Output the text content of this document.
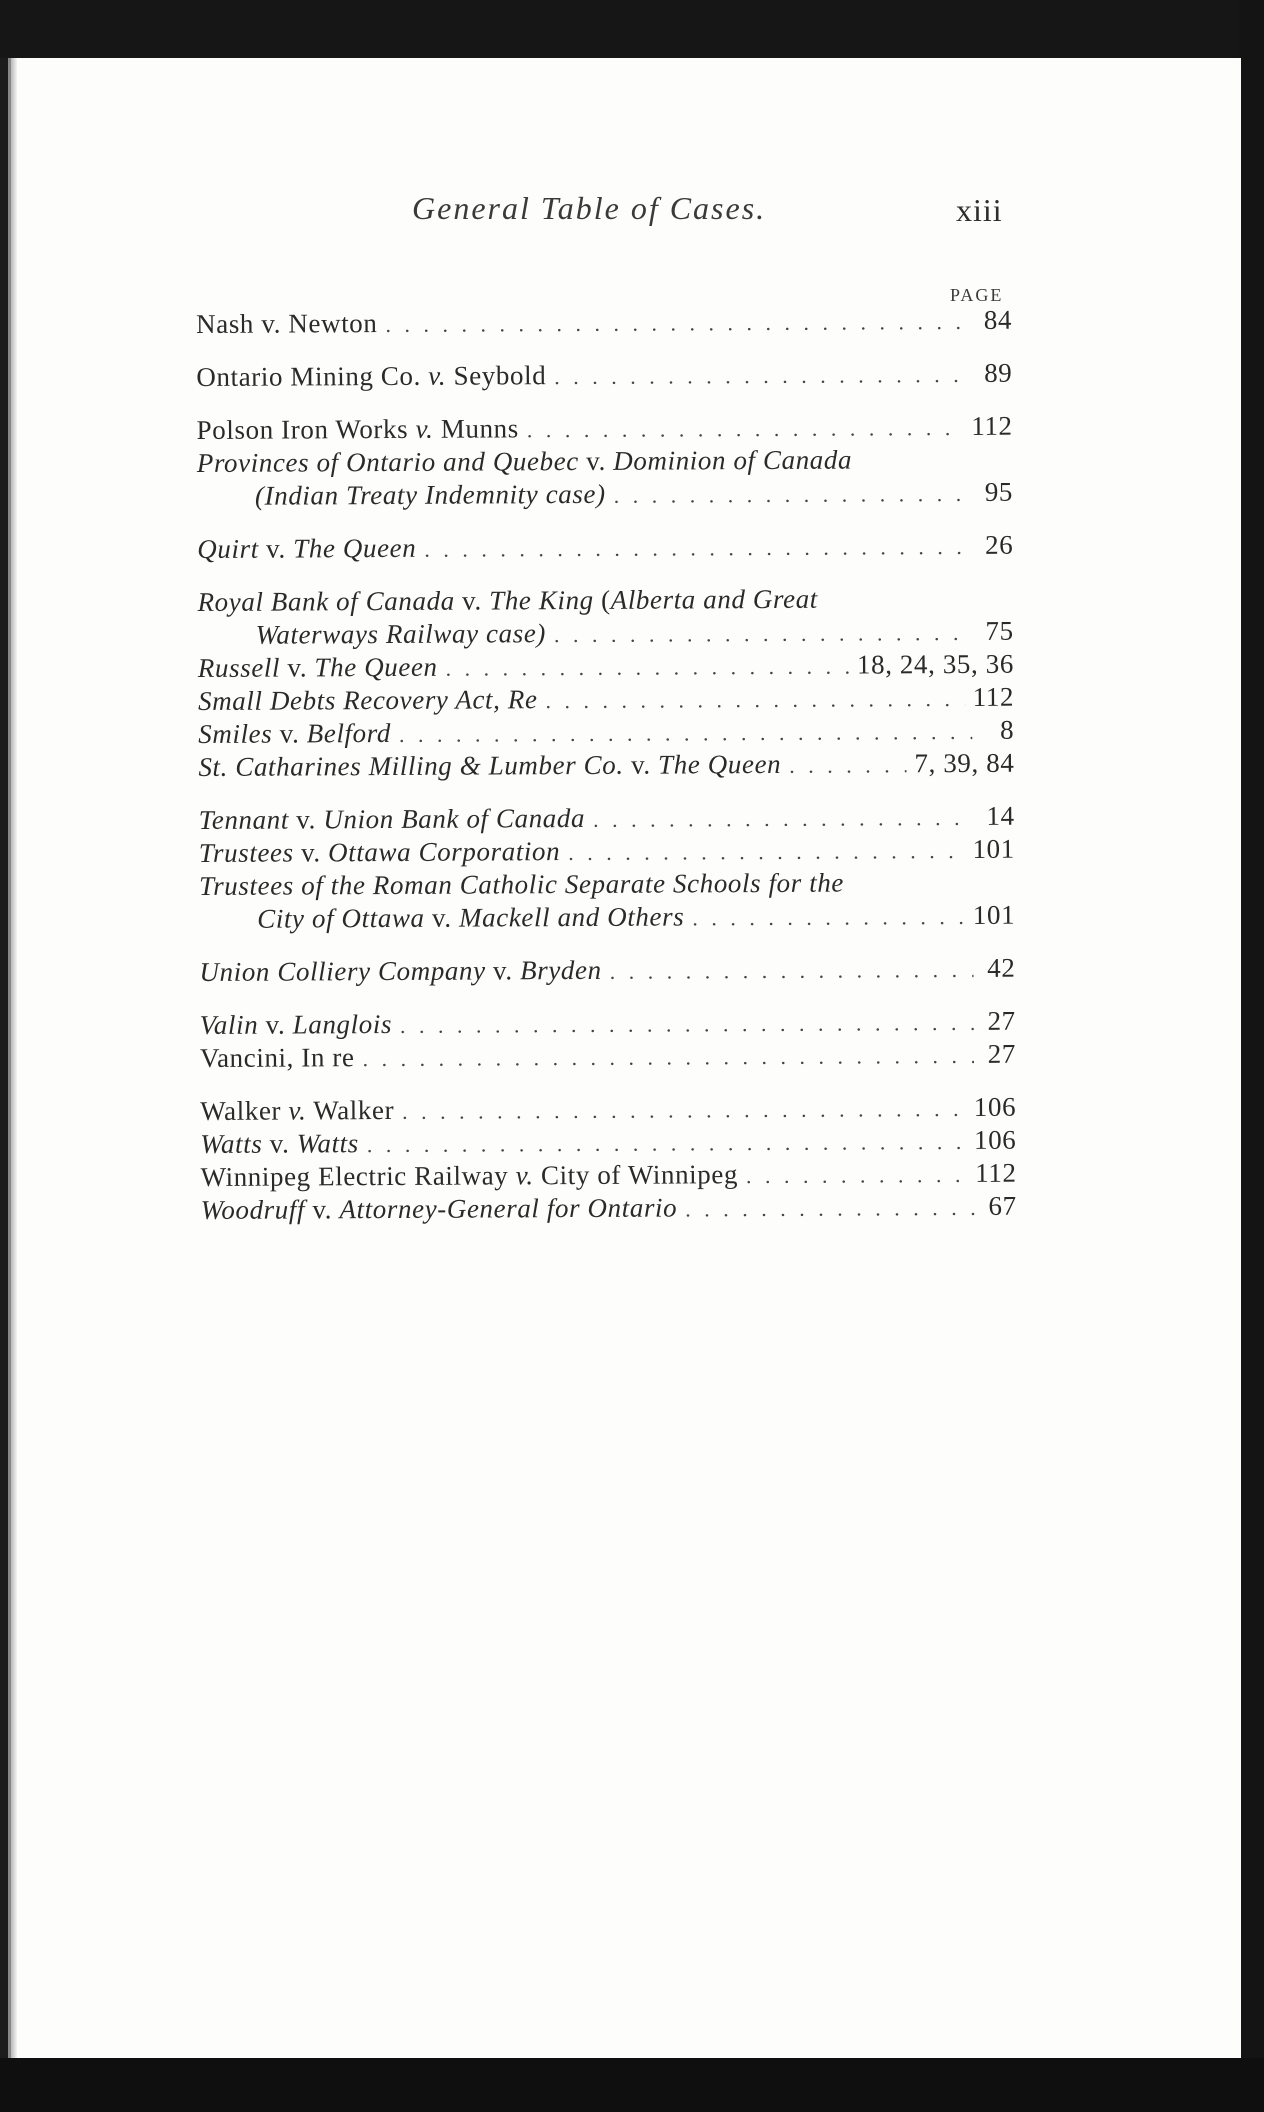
General Table of Cases.	xiii
PAGE
Nash v. Newton . . .	84
Ontario Mining Co. v. Seybold . . .	89
Polson Iron Works v. Munns . . .	112
Provinces of Ontario and Quebec v. Dominion of Canada
(Indian Treaty Indemnity case) . . .	95
Quirt v. The Queen . . .	26
Royal Bank of Canada v. The King (Alberta and Great
Waterways Railway case) . . .	75
Russell v. The Queen . . .	18, 24, 35, 36
Small Debts Recovery Act, Re . . .	112
Smiles v. Belford . . .	8
St. Catharines Milling & Lumber Co. v. The Queen . . .	7, 39, 84
Tennant v. Union Bank of Canada . . .	14
Trustees v. Ottawa Corporation . . .	101
Trustees of the Roman Catholic Separate Schools for the
City of Ottawa v. Mackell and Others . . .	101
Union Colliery Company v. Bryden . . .	42
Valin v. Langlois . . .	27
Vancini, In re . . .	27
Walker v. Walker . . .	106
Watts v. Watts . . .	106
Winnipeg Electric Railway v. City of Winnipeg . . .	112
Woodruff v. Attorney-General for Ontario . . .	67
